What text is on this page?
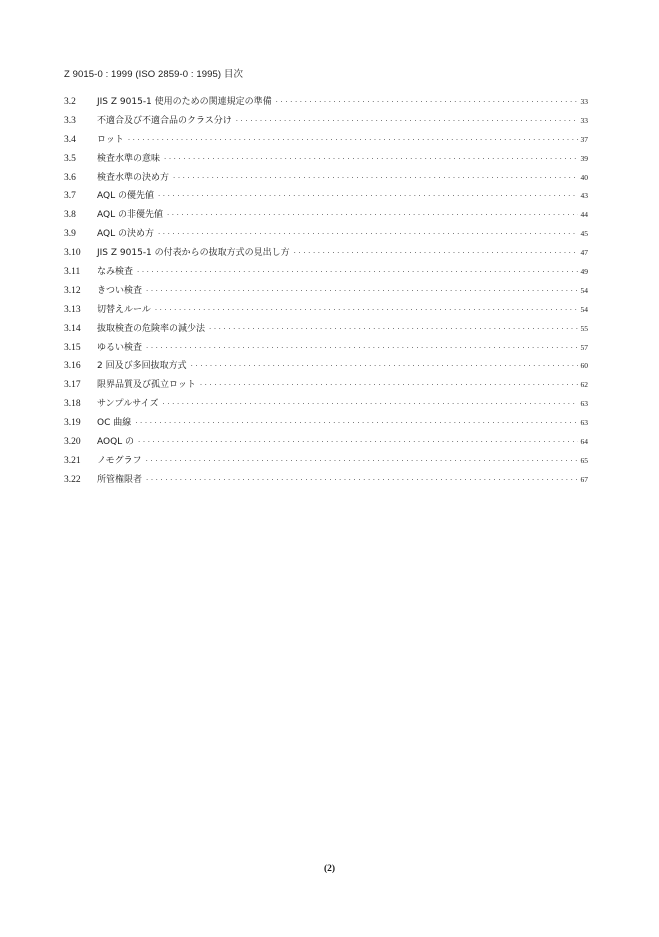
Z 9015-0 : 1999 (ISO 2859-0 : 1995) 目次
3.2	JIS Z 9015-1 使用のための関連規定の準備 ·····	33
3.3	不適合及び不適合品のクラス分け ·····	33
3.4	ロット ·····	37
3.5	検査水準の意味 ·····	39
3.6	検査水準の決め方 ·····	40
3.7	AQL の優先値 ·····	43
3.8	AQL の非優先値 ·····	44
3.9	AQL の決め方 ·····	45
3.10	JIS Z 9015-1 の付表からの抜取方式の見出し方 ·····	47
3.11	なみ検査 ·····	49
3.12	きつい検査 ·····	54
3.13	切替えルール ·····	54
3.14	抜取検査の危険率の減少法 ·····	55
3.15	ゆるい検査 ·····	57
3.16	2 回及び多回抜取方式 ·····	60
3.17	限界品質及び孤立ロット ·····	62
3.18	サンプルサイズ ·····	63
3.19	OC 曲線 ·····	63
3.20	AOQL の ·····	64
3.21	ノモグラフ ·····	65
3.22	所管権限者 ·····	67
(2)
